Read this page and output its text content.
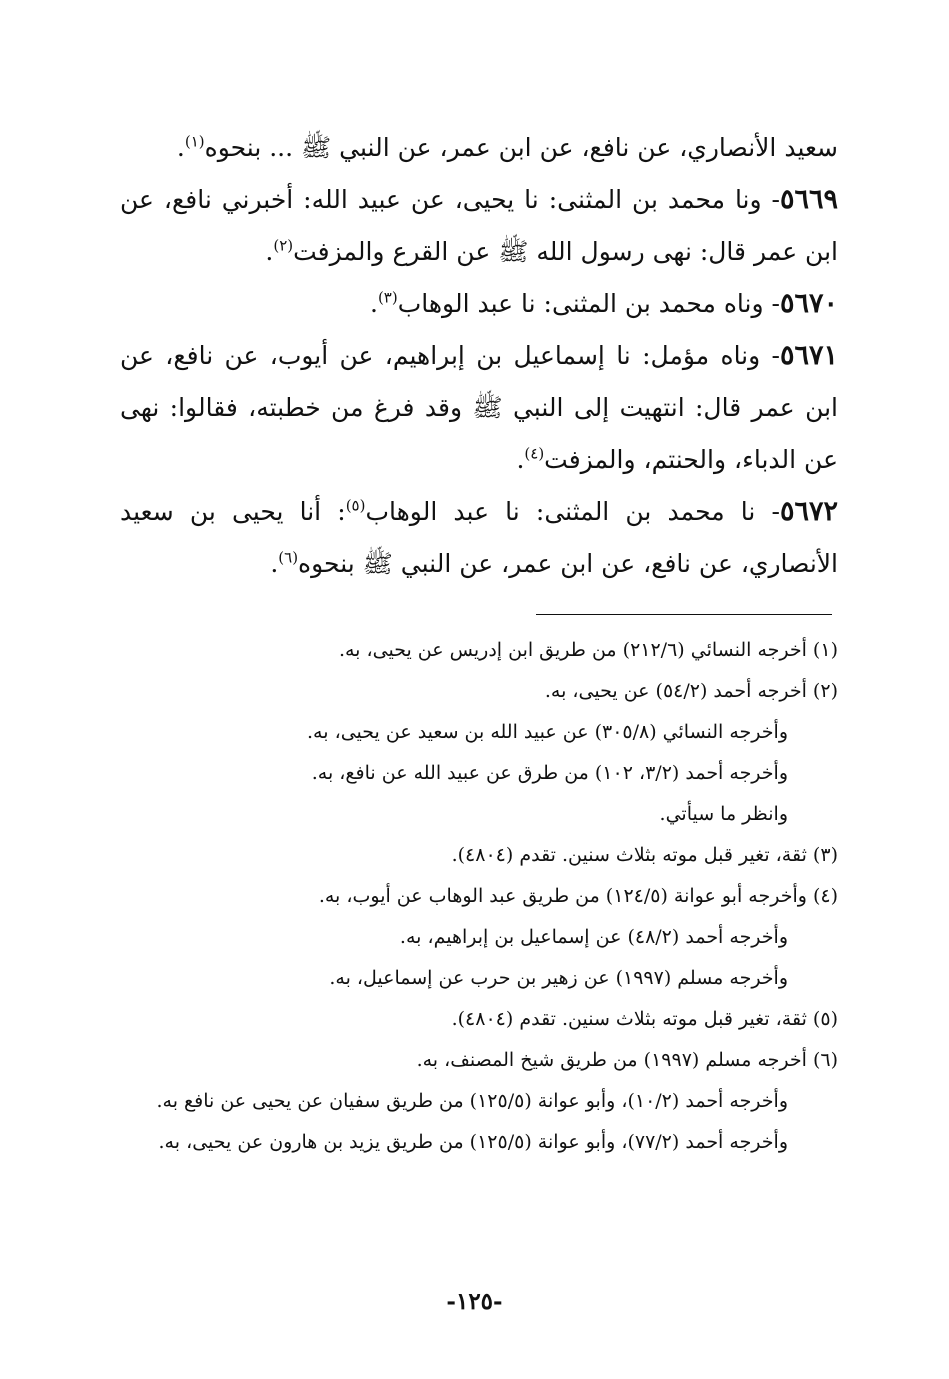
سعيد الأنصاري، عن نافع، عن ابن عمر، عن النبي ﷺ ... بنحوه$^{(١)}$.

٥٦٦٩- ونا محمد بن المثنى: نا يحيى، عن عبيد الله: أخبرني نافع، عن ابن عمر قال: نهى رسول الله ﷺ عن القرع والمزفت$^{(٢)}$.

٥٦٧٠- وناه محمد بن المثنى: نا عبد الوهاب$^{(٣)}$.

٥٦٧١- وناه مؤمل: نا إسماعيل بن إبراهيم، عن أيوب، عن نافع، عن ابن عمر قال: انتهيت إلى النبي ﷺ وقد فرغ من خطبته، فقالوا: نهى عن الدباء، والحنتم، والمزفت$^{(٤)}$.

٥٦٧٢- نا محمد بن المثنى: نا عبد الوهاب$^{(٥)}$: أنا يحيى بن سعيد الأنصاري، عن نافع، عن ابن عمر، عن النبي ﷺ بنحوه$^{(٦)}$.

(١) أخرجه النسائي (٢١٢/٦) من طريق ابن إدريس عن يحيى، به.

(٢) أخرجه أحمد (٥٤/٢) عن يحيى، به.

وأخرجه النسائي (٣٠٥/٨) عن عبيد الله بن سعيد عن يحيى، به.

وأخرجه أحمد (٣/٢، ١٠٢) من طرق عن عبيد الله عن نافع، به.

وانظر ما سيأتي.

(٣) ثقة، تغير قبل موته بثلاث سنين. تقدم (٤٨٠٤).

(٤) وأخرجه أبو عوانة (١٢٤/٥) من طريق عبد الوهاب عن أيوب، به.

وأخرجه أحمد (٤٨/٢) عن إسماعيل بن إبراهيم، به.

وأخرجه مسلم (١٩٩٧) عن زهير بن حرب عن إسماعيل، به.

(٥) ثقة، تغير قبل موته بثلاث سنين. تقدم (٤٨٠٤).

(٦) أخرجه مسلم (١٩٩٧) من طريق شيخ المصنف، به.

وأخرجه أحمد (١٠/٢)، وأبو عوانة (١٢٥/٥) من طريق سفيان عن يحيى عن نافع به.

وأخرجه أحمد (٧٧/٢)، وأبو عوانة (١٢٥/٥) من طريق يزيد بن هارون عن يحيى، به.

-١٢٥-
